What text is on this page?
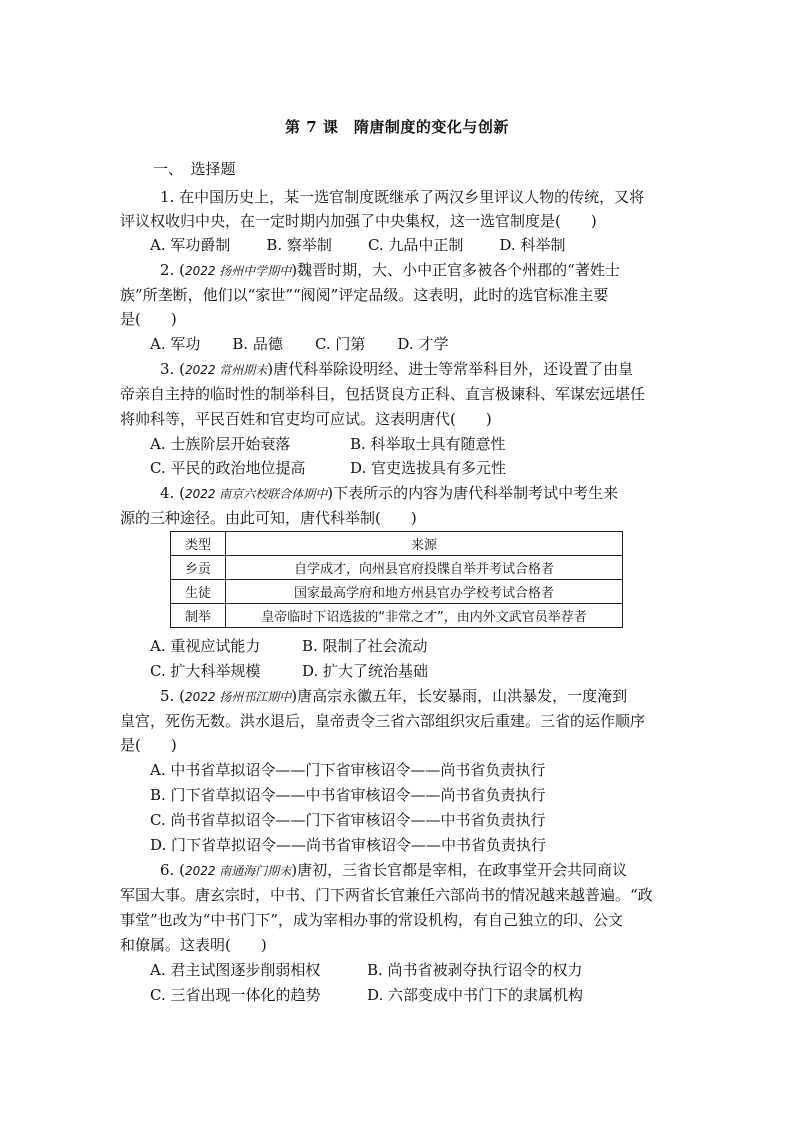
第 7 课　隋唐制度的变化与创新
一、　选择题
1. 在中国历史上，某一选官制度既继承了两汉乡里评议人物的传统，又将
评议权收归中央，在一定时期内加强了中央集权，这一选官制度是(　　)
A. 军功爵制 B. 察举制 C. 九品中正制 D. 科举制
2. (2022 扬州中学期中)魏晋时期，大、小中正官多被各个州郡的“著姓士
族”所垄断，他们以“家世”“阀阅”评定品级。这表明，此时的选官标准主要
是(　　)
A. 军功 B. 品德 C. 门第 D. 才学
3. (2022 常州期末)唐代科举除设明经、进士等常举科目外，还设置了由皇
帝亲自主持的临时性的制举科目，包括贤良方正科、直言极谏科、军谋宏远堪任
将帅科等，平民百姓和官吏均可应试。这表明唐代(　　)
A. 士族阶层开始衰落	B. 科举取士具有随意性
C. 平民的政治地位提高	D. 官吏选拔具有多元性
4. (2022 南京六校联合体期中)下表所示的内容为唐代科举制考试中考生来
源的三种途径。由此可知，唐代科举制(　　)
类型	来源
乡贡	自学成才，向州县官府投牒自举并考试合格者
生徒	国家最高学府和地方州县官办学校考试合格者
制举	皇帝临时下诏选拔的“非常之才”，由内外文武官员举荐者
A. 重视应试能力	B. 限制了社会流动
C. 扩大科举规模	D. 扩大了统治基础
5. (2022 扬州邗江期中)唐高宗永徽五年，长安暴雨，山洪暴发，一度淹到
皇宫，死伤无数。洪水退后，皇帝责令三省六部组织灾后重建。三省的运作顺序
是(　　)
A. 中书省草拟诏令——门下省审核诏令——尚书省负责执行
B. 门下省草拟诏令——中书省审核诏令——尚书省负责执行
C. 尚书省草拟诏令——门下省审核诏令——中书省负责执行
D. 门下省草拟诏令——尚书省审核诏令——中书省负责执行
6. (2022 南通海门期末)唐初，三省长官都是宰相，在政事堂开会共同商议
军国大事。唐玄宗时，中书、门下两省长官兼任六部尚书的情况越来越普遍。“政
事堂”也改为“中书门下”，成为宰相办事的常设机构，有自己独立的印、公文
和僚属。这表明(　　)
A. 君主试图逐步削弱相权	B. 尚书省被剥夺执行诏令的权力
C. 三省出现一体化的趋势	D. 六部变成中书门下的隶属机构
